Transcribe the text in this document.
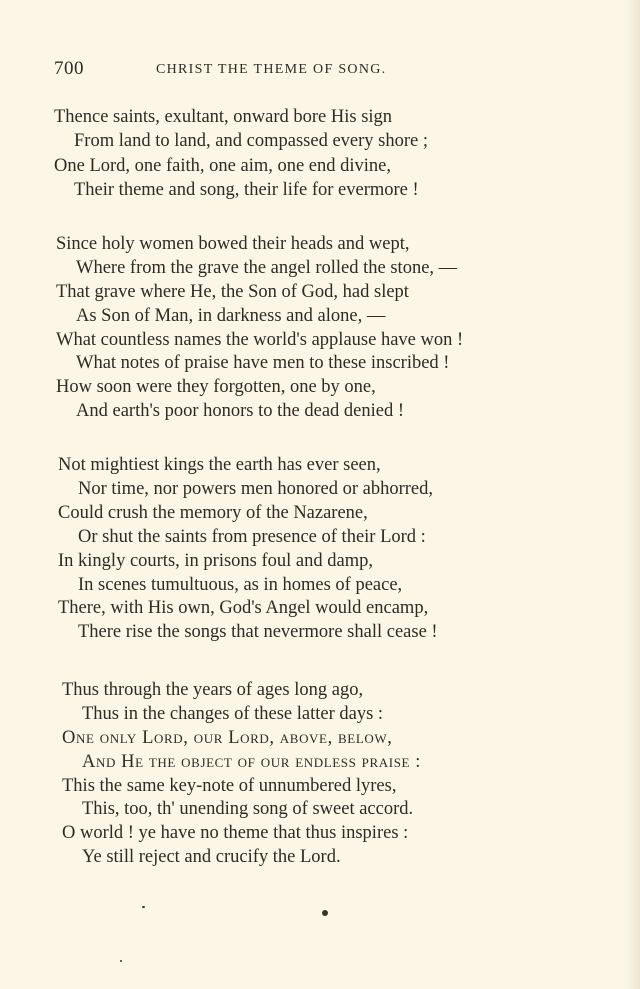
700	CHRIST THE THEME OF SONG.
Thence saints, exultant, onward bore His sign
From land to land, and compassed every shore ;
One Lord, one faith, one aim, one end divine,
Their theme and song, their life for evermore !
Since holy women bowed their heads and wept,
Where from the grave the angel rolled the stone, —
That grave where He, the Son of God, had slept
As Son of Man, in darkness and alone, —
What countless names the world's applause have won !
What notes of praise have men to these inscribed !
How soon were they forgotten, one by one,
And earth's poor honors to the dead denied !
Not mightiest kings the earth has ever seen,
Nor time, nor powers men honored or abhorred,
Could crush the memory of the Nazarene,
Or shut the saints from presence of their Lord :
In kingly courts, in prisons foul and damp,
In scenes tumultuous, as in homes of peace,
There, with His own, God's Angel would encamp,
There rise the songs that nevermore shall cease !
Thus through the years of ages long ago,
Thus in the changes of these latter days :
One only Lord, our Lord, above, below,
And He the object of our endless praise :
This the same key-note of unnumbered lyres,
This, too, th' unending song of sweet accord.
O world ! ye have no theme that thus inspires :
Ye still reject and crucify the Lord.
